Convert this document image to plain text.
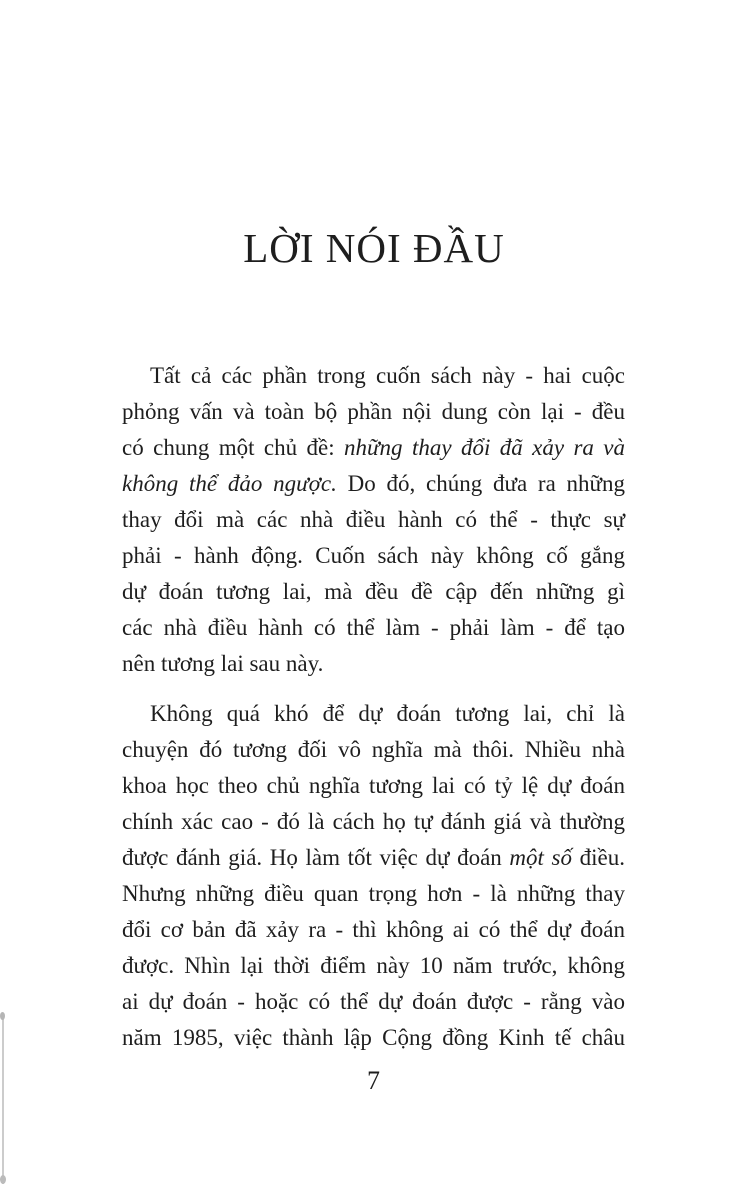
LỜI NÓI ĐẦU
Tất cả các phần trong cuốn sách này - hai cuộc
phỏng vấn và toàn bộ phần nội dung còn lại - đều
có chung một chủ đề: những thay đổi đã xảy ra và
không thể đảo ngược. Do đó, chúng đưa ra những
thay đổi mà các nhà điều hành có thể - thực sự
phải - hành động. Cuốn sách này không cố gắng
dự đoán tương lai, mà đều đề cập đến những gì
các nhà điều hành có thể làm - phải làm - để tạo
nên tương lai sau này.
Không quá khó để dự đoán tương lai, chỉ là
chuyện đó tương đối vô nghĩa mà thôi. Nhiều nhà
khoa học theo chủ nghĩa tương lai có tỷ lệ dự đoán
chính xác cao - đó là cách họ tự đánh giá và thường
được đánh giá. Họ làm tốt việc dự đoán một số điều.
Nhưng những điều quan trọng hơn - là những thay
đổi cơ bản đã xảy ra - thì không ai có thể dự đoán
được. Nhìn lại thời điểm này 10 năm trước, không
ai dự đoán - hoặc có thể dự đoán được - rằng vào
năm 1985, việc thành lập Cộng đồng Kinh tế châu
7
